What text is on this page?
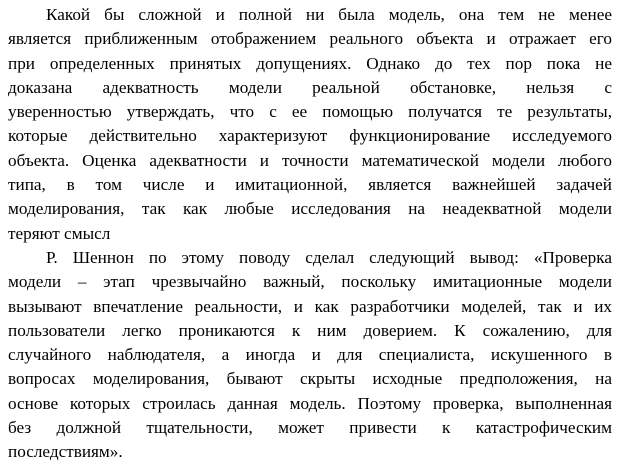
Какой бы сложной и полной ни была модель, она тем не менее
является приближенным отображением реального объекта и отражает его
при определенных принятых допущениях. Однако до тех пор пока не
доказана адекватность модели реальной обстановке, нельзя с
уверенностью утверждать, что с ее помощью получатся те результаты,
которые действительно характеризуют функционирование исследуемого
объекта. Оценка адекватности и точности математической модели любого
типа, в том числе и имитационной, является важнейшей задачей
моделирования, так как любые исследования на неадекватной модели
теряют смысл
Р. Шеннон по этому поводу сделал следующий вывод: «Проверка
модели – этап чрезвычайно важный, поскольку имитационные модели
вызывают впечатление реальности, и как разработчики моделей, так и их
пользователи легко проникаются к ним доверием. К сожалению, для
случайного наблюдателя, а иногда и для специалиста, искушенного в
вопросах моделирования, бывают скрыты исходные предположения, на
основе которых строилась данная модель. Поэтому проверка, выполненная
без должной тщательности, может привести к катастрофическим
последствиям».
